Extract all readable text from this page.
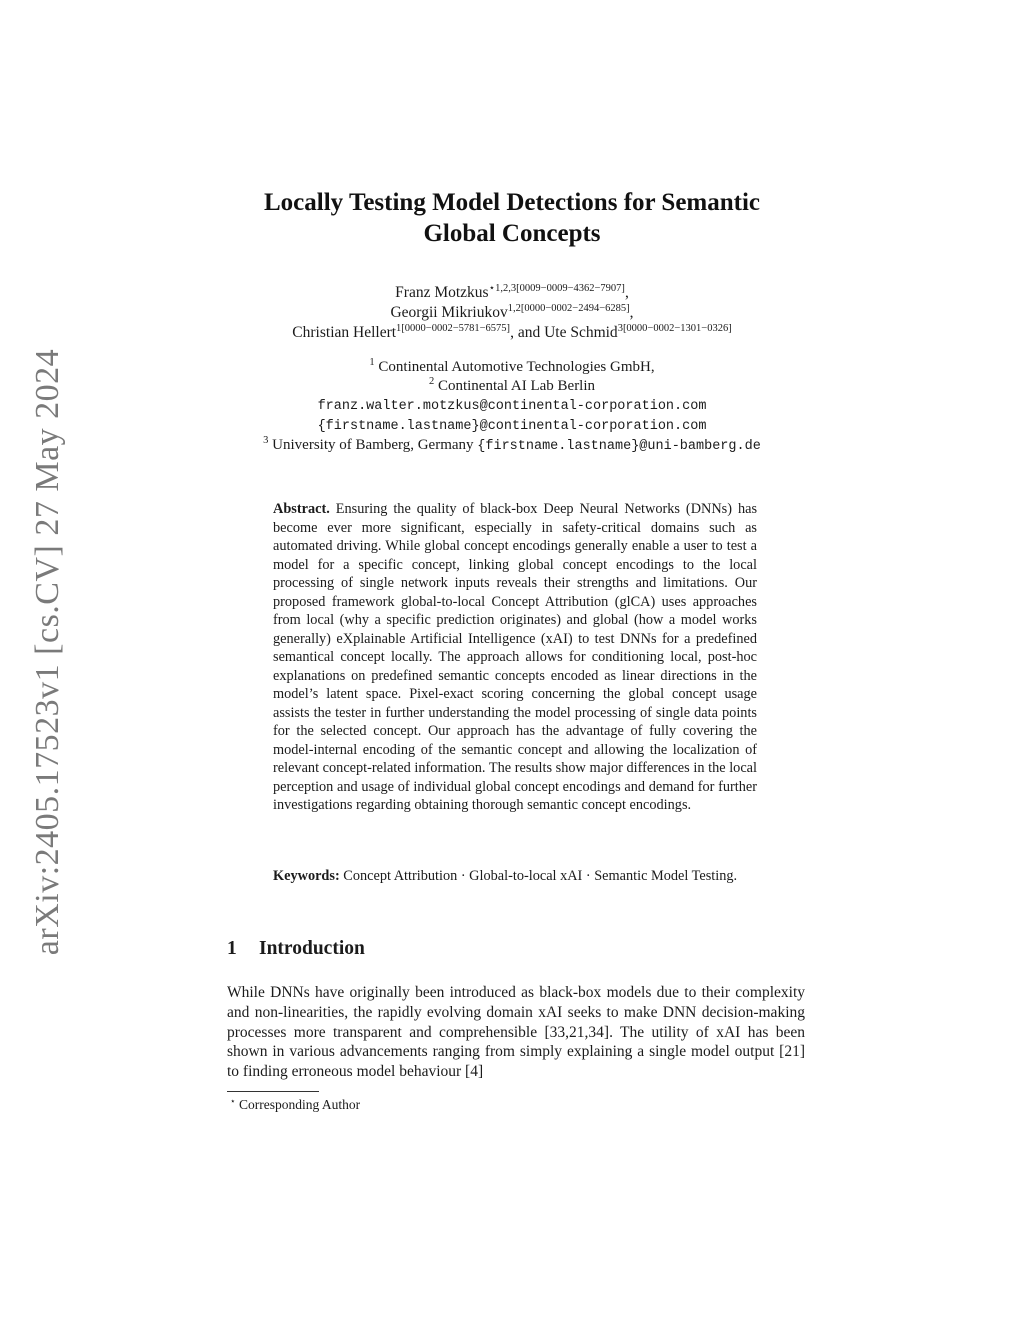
arXiv:2405.17523v1 [cs.CV] 27 May 2024
Locally Testing Model Detections for Semantic
Global Concepts
Franz Motzkus$^{⋆1,2,3[0009-0009-4362-7907]}$,
Georgii Mikriukov$^{1,2[0000-0002-2494-6285]}$,
Christian Hellert$^{1[0000-0002-5781-6575]}$, and Ute Schmid$^{3[0000-0002-1301-0326]}$
$^1$ Continental Automotive Technologies GmbH,
$^2$ Continental AI Lab Berlin
franz.walter.motzkus@continental-corporation.com
{firstname.lastname}@continental-corporation.com
$^3$ University of Bamberg, Germany {firstname.lastname}@uni-bamberg.de
Abstract. Ensuring the quality of black-box Deep Neural Networks (DNNs) has become ever more significant, especially in safety-critical domains such as automated driving. While global concept encodings generally enable a user to test a model for a specific concept, linking global concept encodings to the local processing of single network inputs reveals their strengths and limitations. Our proposed framework global-to-local Concept Attribution (glCA) uses approaches from local (why a specific prediction originates) and global (how a model works generally) eXplainable Artificial Intelligence (xAI) to test DNNs for a predefined semantical concept locally. The approach allows for conditioning local, post-hoc explanations on predefined semantic concepts encoded as linear directions in the model’s latent space. Pixel-exact scoring concerning the global concept usage assists the tester in further understanding the model processing of single data points for the selected concept. Our approach has the advantage of fully covering the model-internal encoding of the semantic concept and allowing the localization of relevant concept-related information. The results show major differences in the local perception and usage of individual global concept encodings and demand for further investigations regarding obtaining thorough semantic concept encodings.
Keywords: Concept Attribution · Global-to-local xAI · Semantic Model Testing.
1 Introduction
While DNNs have originally been introduced as black-box models due to their complexity and non-linearities, the rapidly evolving domain xAI seeks to make DNN decision-making processes more transparent and comprehensible [33,21,34]. The utility of xAI has been shown in various advancements ranging from simply explaining a single model output [21] to finding erroneous model behaviour [4]
⋆ Corresponding Author
